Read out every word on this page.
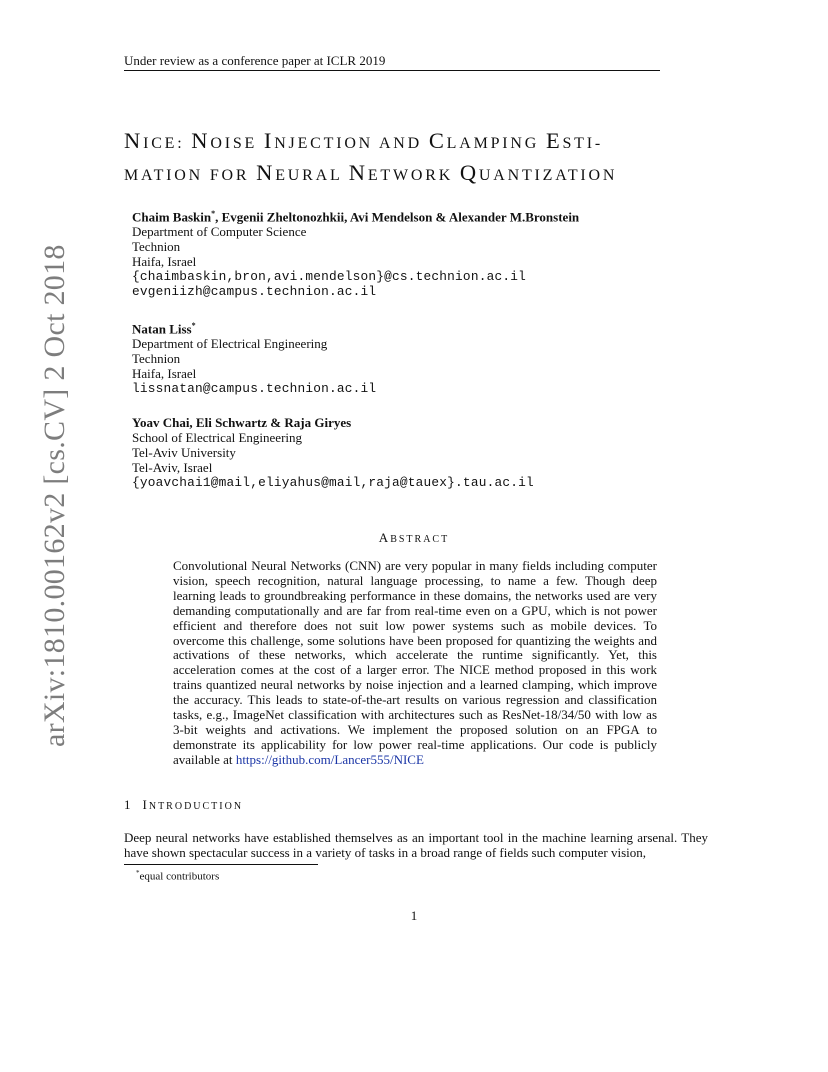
Under review as a conference paper at ICLR 2019
NICE: NOISE INJECTION AND CLAMPING ESTI-
MATION FOR NEURAL NETWORK QUANTIZATION
Chaim Baskin*, Evgenii Zheltonozhkii, Avi Mendelson & Alexander M.Bronstein
Department of Computer Science
Technion
Haifa, Israel
{chaimbaskin,bron,avi.mendelson}@cs.technion.ac.il
evgeniizh@campus.technion.ac.il
Natan Liss*
Department of Electrical Engineering
Technion
Haifa, Israel
lissnatan@campus.technion.ac.il
Yoav Chai, Eli Schwartz & Raja Giryes
School of Electrical Engineering
Tel-Aviv University
Tel-Aviv, Israel
{yoavchai1@mail,eliyahus@mail,raja@tauex}.tau.ac.il
ABSTRACT
Convolutional Neural Networks (CNN) are very popular in many fields including computer vision, speech recognition, natural language processing, to name a few. Though deep learning leads to groundbreaking performance in these domains, the networks used are very demanding computationally and are far from real-time even on a GPU, which is not power efficient and therefore does not suit low power systems such as mobile devices. To overcome this challenge, some solutions have been proposed for quantizing the weights and activations of these networks, which accelerate the runtime significantly. Yet, this acceleration comes at the cost of a larger error. The NICE method proposed in this work trains quantized neural networks by noise injection and a learned clamping, which improve the accuracy. This leads to state-of-the-art results on various regression and classification tasks, e.g., ImageNet classification with architectures such as ResNet-18/34/50 with low as 3-bit weights and activations. We implement the proposed solution on an FPGA to demonstrate its applicability for low power real-time applications. Our code is publicly available at https://github.com/Lancer555/NICE
1 INTRODUCTION
Deep neural networks have established themselves as an important tool in the machine learning arsenal. They have shown spectacular success in a variety of tasks in a broad range of fields such computer vision,
*equal contributors
1
arXiv:1810.00162v2 [cs.CV] 2 Oct 2018
